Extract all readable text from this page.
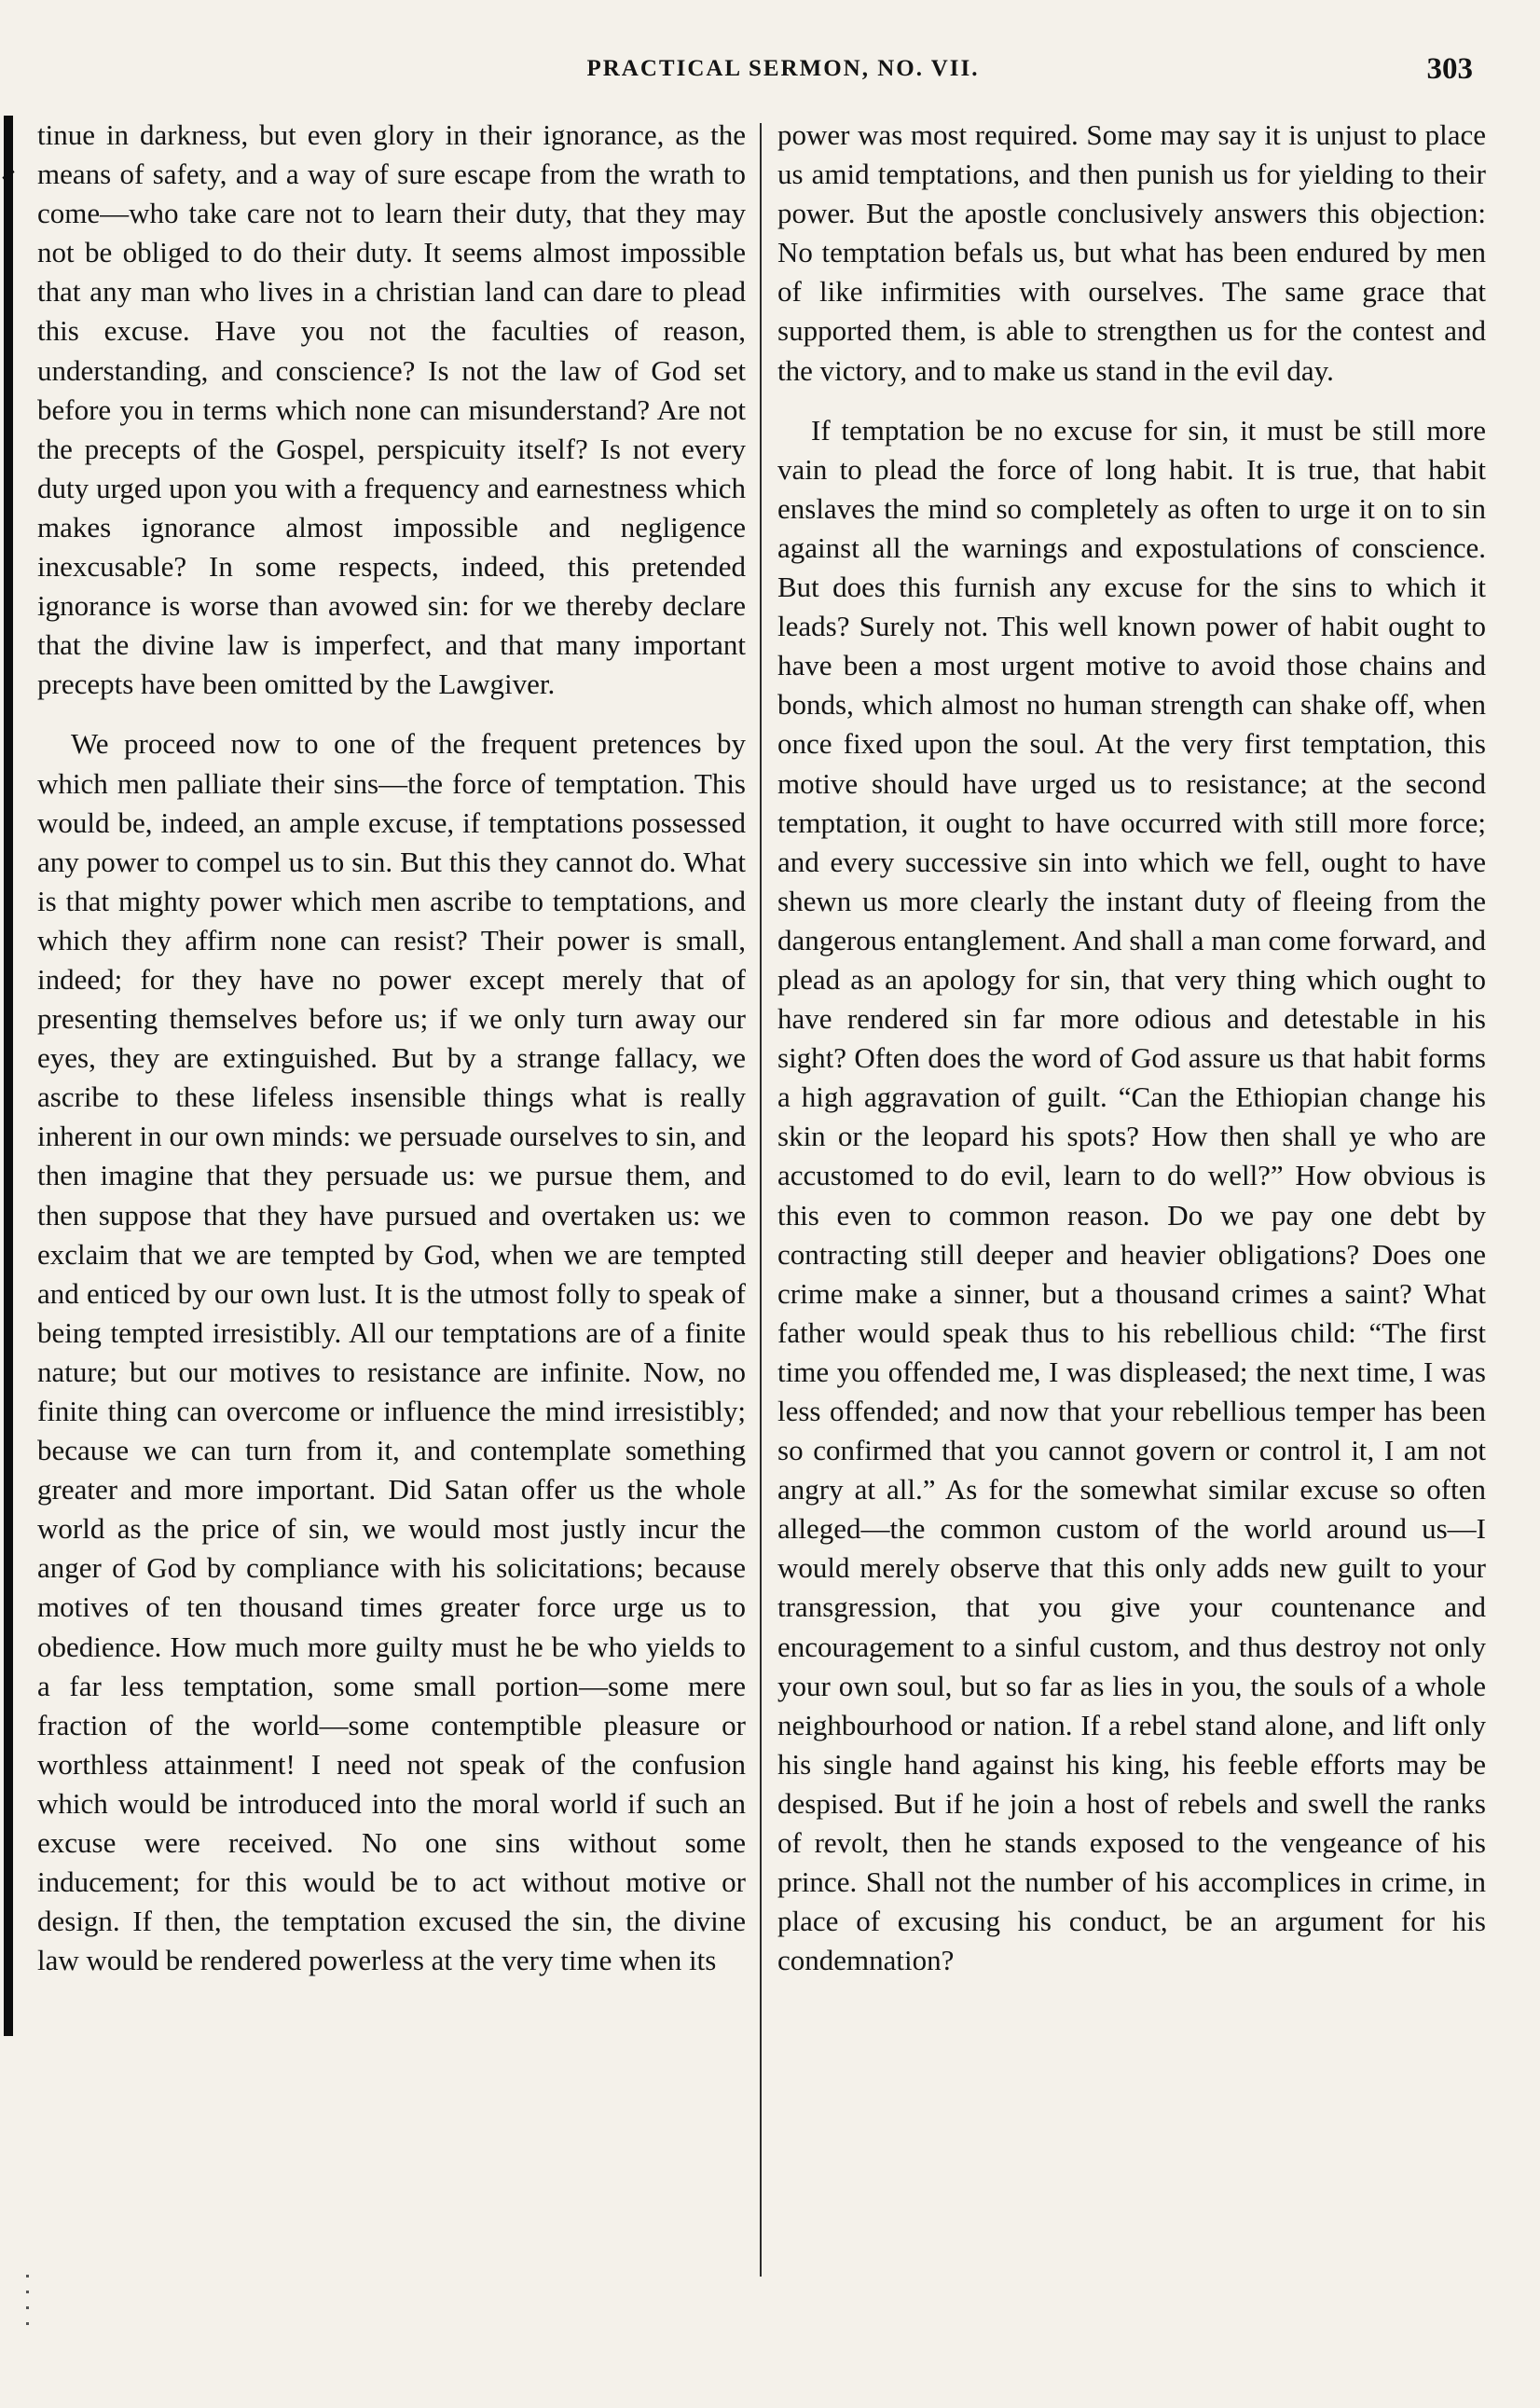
PRACTICAL SERMON, NO. VII.	303

tinue in darkness, but even glory in their ignorance, as the means of safety, and a way of sure escape from the wrath to come—who take care not to learn their duty, that they may not be obliged to do their duty. It seems almost impossible that any man who lives in a christian land can dare to plead this excuse. Have you not the faculties of reason, understanding, and conscience? Is not the law of God set before you in terms which none can misunderstand? Are not the precepts of the Gospel, perspicuity itself? Is not every duty urged upon you with a frequency and earnestness which makes ignorance almost impossible and negligence inexcusable? In some respects, indeed, this pretended ignorance is worse than avowed sin: for we thereby declare that the divine law is imperfect, and that many important precepts have been omitted by the Lawgiver.

We proceed now to one of the frequent pretences by which men palliate their sins—the force of temptation. This would be, indeed, an ample excuse, if temptations possessed any power to compel us to sin. But this they cannot do. What is that mighty power which men ascribe to temptations, and which they affirm none can resist? Their power is small, indeed; for they have no power except merely that of presenting themselves before us; if we only turn away our eyes, they are extinguished. But by a strange fallacy, we ascribe to these lifeless insensible things what is really inherent in our own minds: we persuade ourselves to sin, and then imagine that they persuade us: we pursue them, and then suppose that they have pursued and overtaken us: we exclaim that we are tempted by God, when we are tempted and enticed by our own lust. It is the utmost folly to speak of being tempted irresistibly. All our temptations are of a finite nature; but our motives to resistance are infinite. Now, no finite thing can overcome or influence the mind irresistibly; because we can turn from it, and contemplate something greater and more important. Did Satan offer us the whole world as the price of sin, we would most justly incur the anger of God by compliance with his solicitations; because motives of ten thousand times greater force urge us to obedience. How much more guilty must he be who yields to a far less temptation, some small portion—some mere fraction of the world—some contemptible pleasure or worthless attainment! I need not speak of the confusion which would be introduced into the moral world if such an excuse were received. No one sins without some inducement; for this would be to act without motive or design. If then, the temptation excused the sin, the divine law would be rendered powerless at the very time when its

power was most required. Some may say it is unjust to place us amid temptations, and then punish us for yielding to their power. But the apostle conclusively answers this objection: No temptation befals us, but what has been endured by men of like infirmities with ourselves. The same grace that supported them, is able to strengthen us for the contest and the victory, and to make us stand in the evil day.

If temptation be no excuse for sin, it must be still more vain to plead the force of long habit. It is true, that habit enslaves the mind so completely as often to urge it on to sin against all the warnings and expostulations of conscience. But does this furnish any excuse for the sins to which it leads? Surely not. This well known power of habit ought to have been a most urgent motive to avoid those chains and bonds, which almost no human strength can shake off, when once fixed upon the soul. At the very first temptation, this motive should have urged us to resistance; at the second temptation, it ought to have occurred with still more force; and every successive sin into which we fell, ought to have shewn us more clearly the instant duty of fleeing from the dangerous entanglement. And shall a man come forward, and plead as an apology for sin, that very thing which ought to have rendered sin far more odious and detestable in his sight? Often does the word of God assure us that habit forms a high aggravation of guilt. “Can the Ethiopian change his skin or the leopard his spots? How then shall ye who are accustomed to do evil, learn to do well?” How obvious is this even to common reason. Do we pay one debt by contracting still deeper and heavier obligations? Does one crime make a sinner, but a thousand crimes a saint? What father would speak thus to his rebellious child: “The first time you offended me, I was displeased; the next time, I was less offended; and now that your rebellious temper has been so confirmed that you cannot govern or control it, I am not angry at all.” As for the somewhat similar excuse so often alleged—the common custom of the world around us—I would merely observe that this only adds new guilt to your transgression, that you give your countenance and encouragement to a sinful custom, and thus destroy not only your own soul, but so far as lies in you, the souls of a whole neighbourhood or nation. If a rebel stand alone, and lift only his single hand against his king, his feeble efforts may be despised. But if he join a host of rebels and swell the ranks of revolt, then he stands exposed to the vengeance of his prince. Shall not the number of his accomplices in crime, in place of excusing his conduct, be an argument for his condemnation?
